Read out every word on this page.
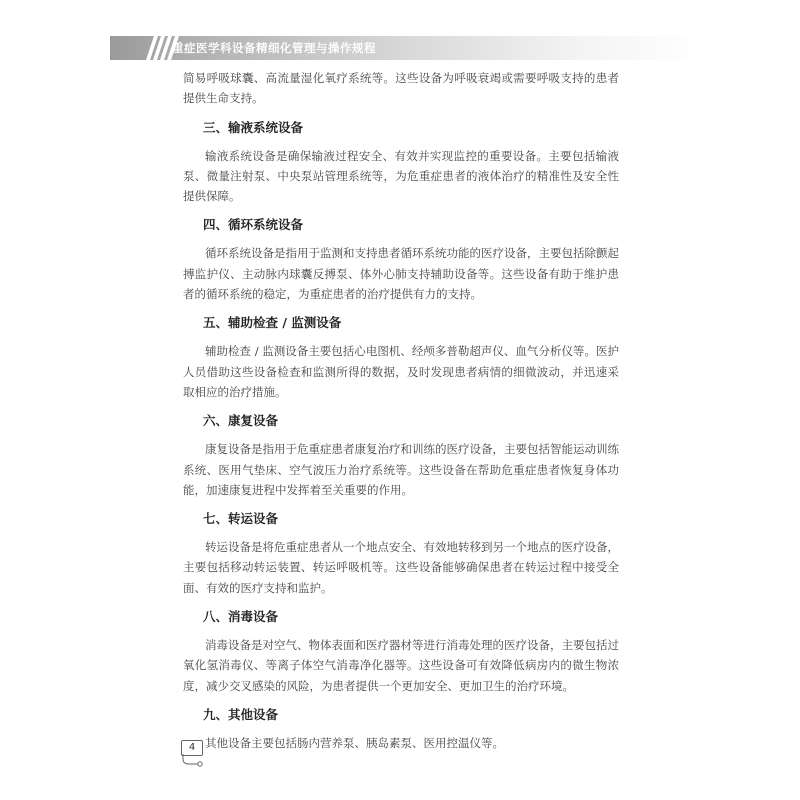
重症医学科设备精细化管理与操作规程

简易呼吸球囊、高流量湿化氧疗系统等。这些设备为呼吸衰竭或需要呼吸支持的患者提供生命支持。

三、输液系统设备

输液系统设备是确保输液过程安全、有效并实现监控的重要设备。主要包括输液泵、微量注射泵、中央泵站管理系统等，为危重症患者的液体治疗的精准性及安全性提供保障。

四、循环系统设备

循环系统设备是指用于监测和支持患者循环系统功能的医疗设备，主要包括除颤起搏监护仪、主动脉内球囊反搏泵、体外心肺支持辅助设备等。这些设备有助于维护患者的循环系统的稳定，为重症患者的治疗提供有力的支持。

五、辅助检查 / 监测设备

辅助检查 / 监测设备主要包括心电图机、经颅多普勒超声仪、血气分析仪等。医护人员借助这些设备检查和监测所得的数据，及时发现患者病情的细微波动，并迅速采取相应的治疗措施。

六、康复设备

康复设备是指用于危重症患者康复治疗和训练的医疗设备，主要包括智能运动训练系统、医用气垫床、空气波压力治疗系统等。这些设备在帮助危重症患者恢复身体功能，加速康复进程中发挥着至关重要的作用。

七、转运设备

转运设备是将危重症患者从一个地点安全、有效地转移到另一个地点的医疗设备，主要包括移动转运装置、转运呼吸机等。这些设备能够确保患者在转运过程中接受全面、有效的医疗支持和监护。

八、消毒设备

消毒设备是对空气、物体表面和医疗器材等进行消毒处理的医疗设备，主要包括过氧化氢消毒仪、等离子体空气消毒净化器等。这些设备可有效降低病房内的微生物浓度，减少交叉感染的风险，为患者提供一个更加安全、更加卫生的治疗环境。

九、其他设备

其他设备主要包括肠内营养泵、胰岛素泵、医用控温仪等。

4
